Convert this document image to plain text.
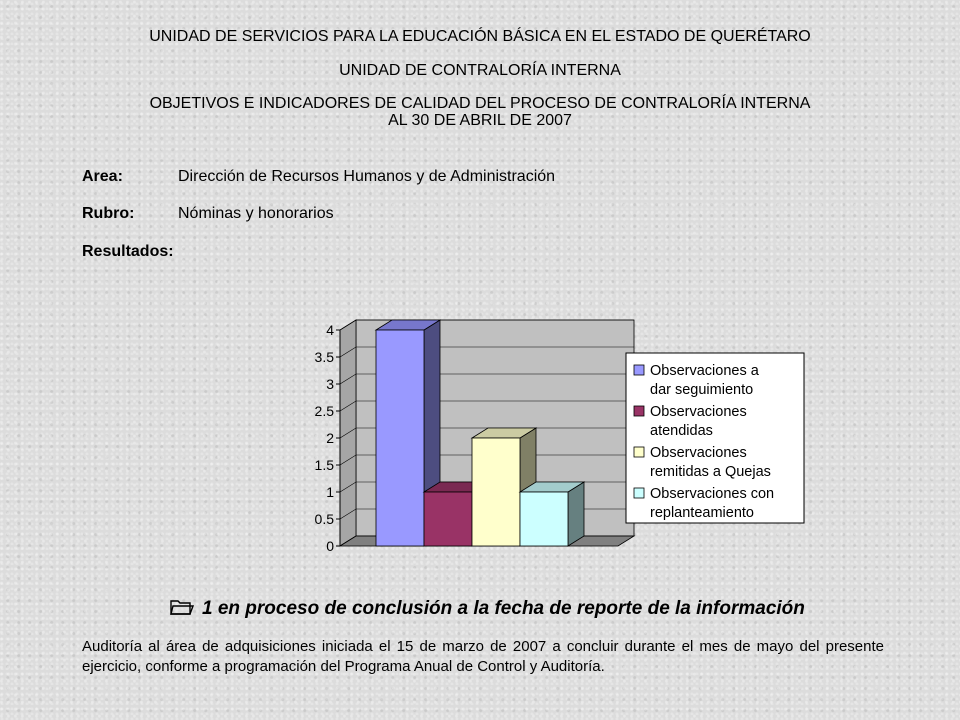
UNIDAD DE SERVICIOS PARA LA EDUCACIÓN BÁSICA EN EL ESTADO DE QUERÉTARO
UNIDAD DE CONTRALORÍA INTERNA
OBJETIVOS E INDICADORES DE CALIDAD DEL PROCESO DE CONTRALORÍA INTERNA
AL 30 DE ABRIL DE 2007
Area:	Dirección de Recursos Humanos y de Administración
Rubro:	Nóminas y honorarios
Resultados:
0
0.5
1
1.5
2
2.5
3
3.5
4
Observaciones a
dar seguimiento
Observaciones
atendidas
Observaciones
remitidas a Quejas
Observaciones con
replanteamiento
1 en proceso de conclusión a la fecha de reporte de la información
Auditoría al área de adquisiciones iniciada el 15 de marzo de 2007 a concluir durante el mes de mayo del presente ejercicio, conforme a programación del Programa Anual de Control y Auditoría.
